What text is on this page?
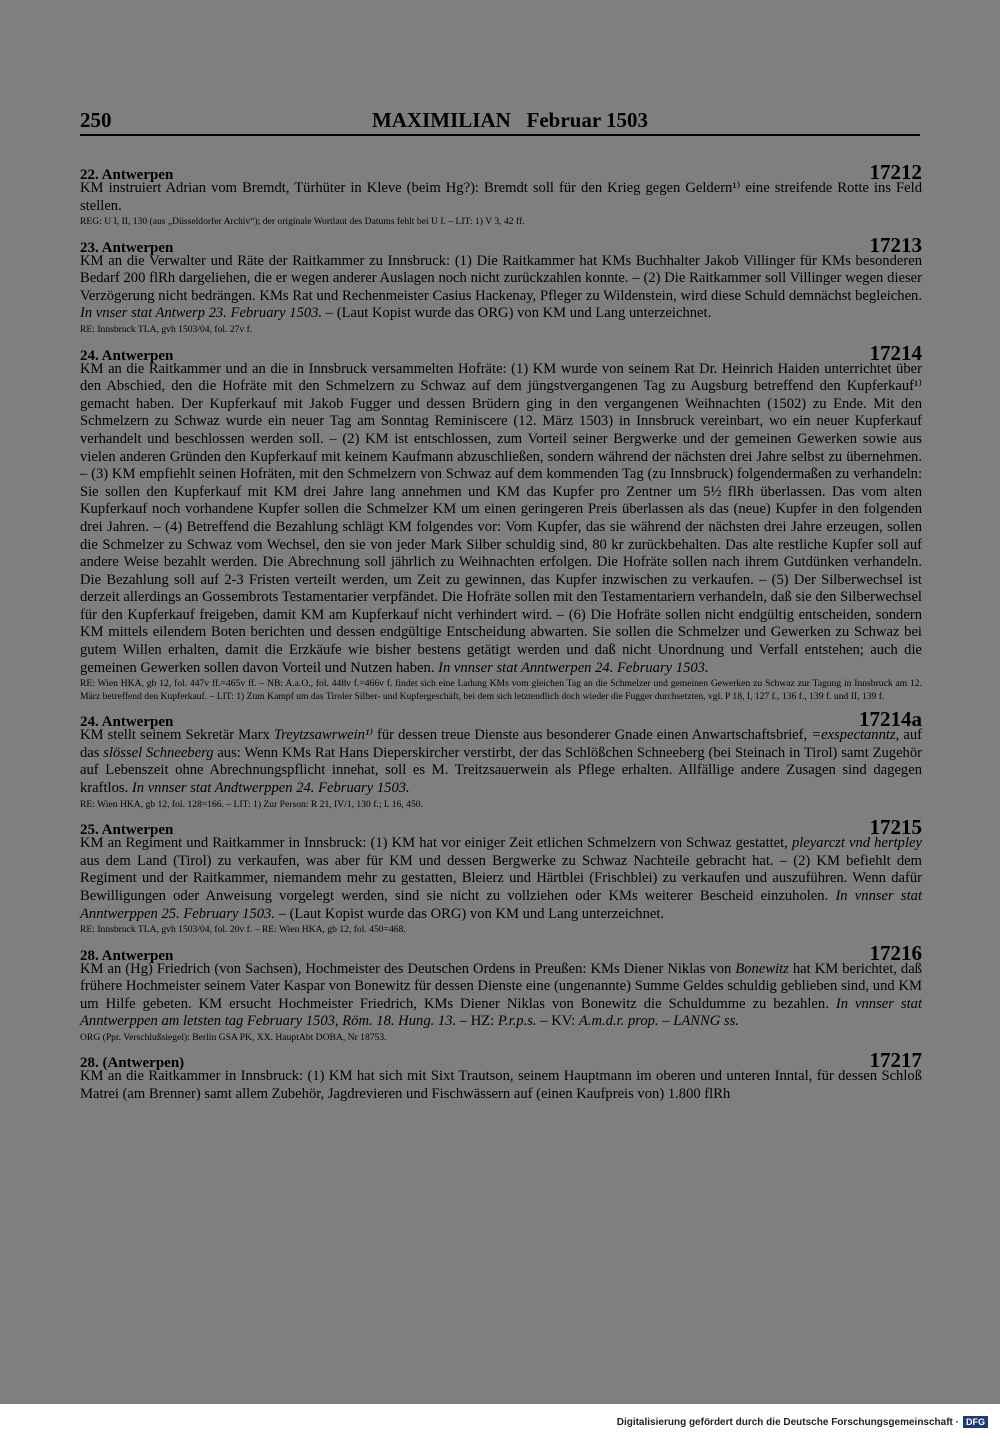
250	MAXIMILIAN   Februar 1503
22. Antwerpen	17212
KM instruiert Adrian vom Bremdt, Türhüter in Kleve (beim Hg?): Bremdt soll für den Krieg gegen Geldern¹⁾ eine streifende Rotte ins Feld stellen.
REG: U I, II, 130 (aus „Düsseldorfer Archiv“); der originale Wortlaut des Datums fehlt bei U I. – LIT: 1) V 3, 42 ff.
23. Antwerpen	17213
KM an die Verwalter und Räte der Raitkammer zu Innsbruck: (1) Die Raitkammer hat KMs Buchhalter Jakob Villinger für KMs besonderen Bedarf 200 flRh dargeliehen, die er wegen anderer Auslagen noch nicht zurückzahlen konnte. – (2) Die Raitkammer soll Villinger wegen dieser Verzögerung nicht bedrängen. KMs Rat und Rechenmeister Casius Hackenay, Pfleger zu Wildenstein, wird diese Schuld demnächst begleichen. In vnser stat Antwerp 23. February 1503. – (Laut Kopist wurde das ORG) von KM und Lang unterzeichnet.
RE: Innsbruck TLA, gvh 1503/04, fol. 27v f.
24. Antwerpen	17214
KM an die Raitkammer und an die in Innsbruck versammelten Hofräte: (1) KM wurde von seinem Rat Dr. Heinrich Haiden unterrichtet über den Abschied, den die Hofräte mit den Schmelzern zu Schwaz auf dem jüngstvergangenen Tag zu Augsburg betreffend den Kupferkauf¹⁾ gemacht haben. Der Kupferkauf mit Jakob Fugger und dessen Brüdern ging in den vergangenen Weihnachten (1502) zu Ende. Mit den Schmelzern zu Schwaz wurde ein neuer Tag am Sonntag Reminiscere (12. März 1503) in Innsbruck vereinbart, wo ein neuer Kupferkauf verhandelt und beschlossen werden soll. – (2) KM ist entschlossen, zum Vorteil seiner Bergwerke und der gemeinen Gewerken sowie aus vielen anderen Gründen den Kupferkauf mit keinem Kaufmann abzuschließen, sondern während der nächsten drei Jahre selbst zu übernehmen. – (3) KM empfiehlt seinen Hofräten, mit den Schmelzern von Schwaz auf dem kommenden Tag (zu Innsbruck) folgendermaßen zu verhandeln: Sie sollen den Kupferkauf mit KM drei Jahre lang annehmen und KM das Kupfer pro Zentner um 5½ flRh überlassen. Das vom alten Kupferkauf noch vorhandene Kupfer sollen die Schmelzer KM um einen geringeren Preis überlassen als das (neue) Kupfer in den folgenden drei Jahren. – (4) Betreffend die Bezahlung schlägt KM folgendes vor: Vom Kupfer, das sie während der nächsten drei Jahre erzeugen, sollen die Schmelzer zu Schwaz vom Wechsel, den sie von jeder Mark Silber schuldig sind, 80 kr zurückbehalten. Das alte restliche Kupfer soll auf andere Weise bezahlt werden. Die Abrechnung soll jährlich zu Weihnachten erfolgen. Die Hofräte sollen nach ihrem Gutdünken verhandeln. Die Bezahlung soll auf 2-3 Fristen verteilt werden, um Zeit zu gewinnen, das Kupfer inzwischen zu verkaufen. – (5) Der Silberwechsel ist derzeit allerdings an Gossembrots Testamentarier verpfändet. Die Hofräte sollen mit den Testamentariern verhandeln, daß sie den Silberwechsel für den Kupferkauf freigeben, damit KM am Kupferkauf nicht verhindert wird. – (6) Die Hofräte sollen nicht endgültig entscheiden, sondern KM mittels eilendem Boten berichten und dessen endgültige Entscheidung abwarten. Sie sollen die Schmelzer und Gewerken zu Schwaz bei gutem Willen erhalten, damit die Erzkäufe wie bisher bestens getätigt werden und daß nicht Unordnung und Verfall entstehen; auch die gemeinen Gewerken sollen davon Vorteil und Nutzen haben. In vnnser stat Anntwerpen 24. February 1503.
RE: Wien HKA, gb 12, fol. 447v ff.=465v ff. – NB: A.a.O., fol. 448v f.=466v f. findet sich eine Ladung KMs vom gleichen Tag an die Schmelzer und gemeinen Gewerken zu Schwaz zur Tagung in Innsbruck am 12. März betreffend den Kupferkauf. – LIT: 1) Zum Kampf um das Tiroler Silber- und Kupfergeschäft, bei dem sich letztendlich doch wieder die Fugger durchsetzten, vgl. P 18, I, 127 f., 136 f., 139 f. und II, 139 f.
24. Antwerpen	17214a
KM stellt seinem Sekretär Marx Treytzsawrwein¹⁾ für dessen treue Dienste aus besonderer Gnade einen Anwartschaftsbrief, =exspectanntz, auf das slössel Schneeberg aus: Wenn KMs Rat Hans Dieperskircher verstirbt, der das Schlößchen Schneeberg (bei Steinach in Tirol) samt Zugehör auf Lebenszeit ohne Abrechnungspflicht innehat, soll es M. Treitzsauerwein als Pflege erhalten. Allfällige andere Zusagen sind dagegen kraftlos. In vnnser stat Andtwerppen 24. February 1503.
RE: Wien HKA, gb 12, fol. 128=166. – LIT: 1) Zur Person: R 21, IV/1, 130 f.; L 16, 450.
25. Antwerpen	17215
KM an Regiment und Raitkammer in Innsbruck: (1) KM hat vor einiger Zeit etlichen Schmelzern von Schwaz gestattet, pleyarczt vnd hertpley aus dem Land (Tirol) zu verkaufen, was aber für KM und dessen Bergwerke zu Schwaz Nachteile gebracht hat. – (2) KM befiehlt dem Regiment und der Raitkammer, niemandem mehr zu gestatten, Bleierz und Härtblei (Frischblei) zu verkaufen und auszuführen. Wenn dafür Bewilligungen oder Anweisung vorgelegt werden, sind sie nicht zu vollziehen oder KMs weiterer Bescheid einzuholen. In vnnser stat Anntwerppen 25. February 1503. – (Laut Kopist wurde das ORG) von KM und Lang unterzeichnet.
RE: Innsbruck TLA, gvh 1503/04, fol. 20v f. – RE: Wien HKA, gb 12, fol. 450=468.
28. Antwerpen	17216
KM an (Hg) Friedrich (von Sachsen), Hochmeister des Deutschen Ordens in Preußen: KMs Diener Niklas von Bonewitz hat KM berichtet, daß frühere Hochmeister seinem Vater Kaspar von Bonewitz für dessen Dienste eine (ungenannte) Summe Geldes schuldig geblieben sind, und KM um Hilfe gebeten. KM ersucht Hochmeister Friedrich, KMs Diener Niklas von Bonewitz die Schuldumme zu bezahlen. In vnnser stat Anntwerppen am letsten tag February 1503, Röm. 18. Hung. 13. – HZ: P.r.p.s. – KV: A.m.d.r. prop. – LANNG ss.
ORG (Ppr. Verschlußsiegel): Berlin GSA PK, XX. HauptAbt DOBA, Nr 18753.
28. (Antwerpen)	17217
KM an die Raitkammer in Innsbruck: (1) KM hat sich mit Sixt Trautson, seinem Hauptmann im oberen und unteren Inntal, für dessen Schloß Matrei (am Brenner) samt allem Zubehör, Jagdrevieren und Fischwässern auf (einen Kaufpreis von) 1.800 flRh
Digitalisierung gefördert durch die Deutsche Forschungsgemeinschaft · DFG
